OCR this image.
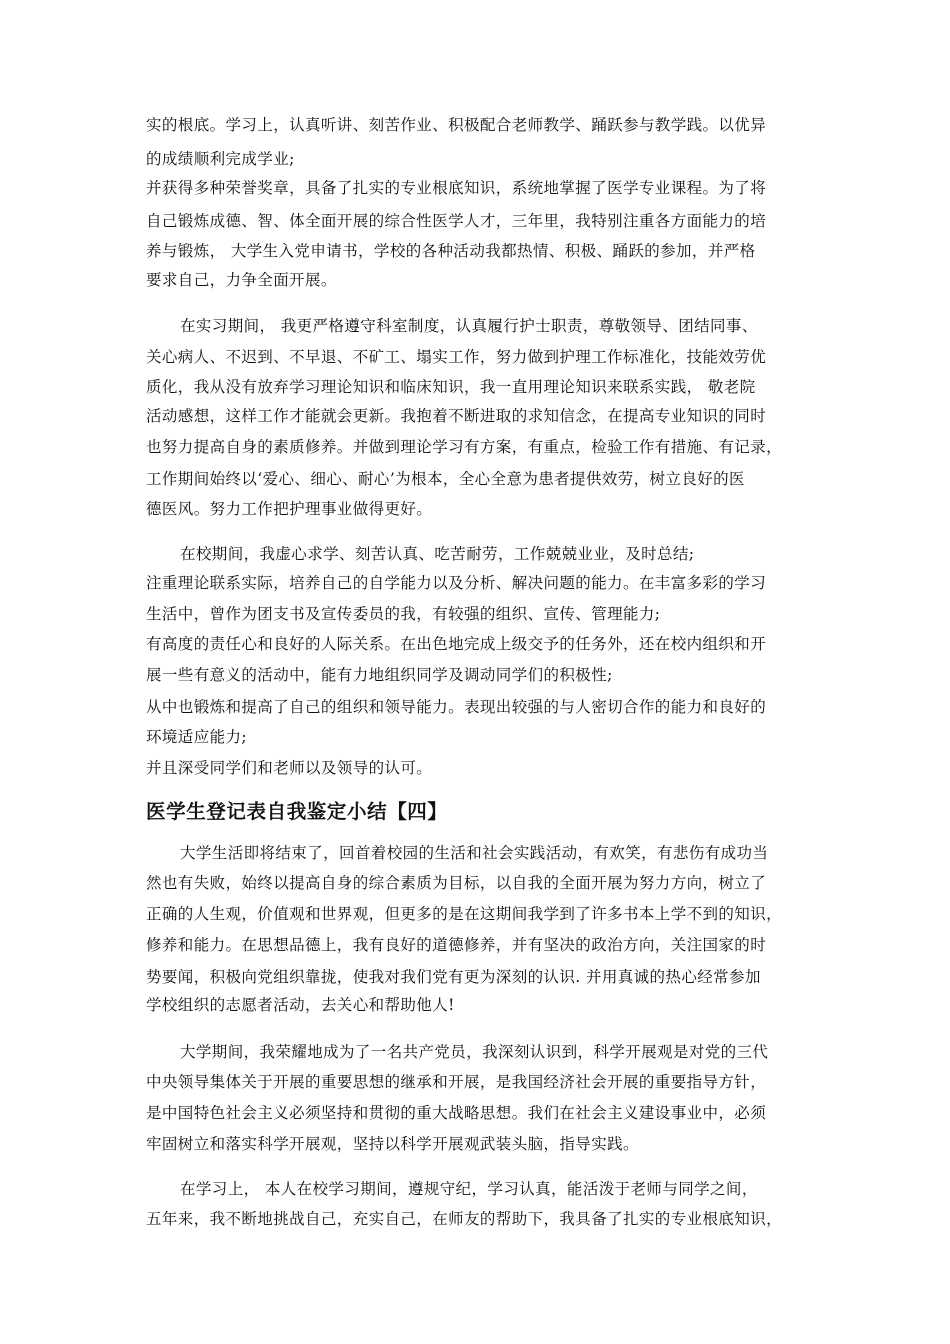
实的根底。学习上，认真听讲、刻苦作业、积极配合老师教学、踊跃参与教学践。以优异
的成绩顺利完成学业;
并获得多种荣誉奖章，具备了扎实的专业根底知识，系统地掌握了医学专业课程。为了将
自己锻炼成德、智、体全面开展的综合性医学人才，三年里，我特别注重各方面能力的培
养与锻炼， 大学生入党申请书，学校的各种活动我都热情、积极、踊跃的参加，并严格
要求自己，力争全面开展。
在实习期间， 我更严格遵守科室制度，认真履行护士职责，尊敬领导、团结同事、
关心病人、不迟到、不早退、不矿工、塌实工作，努力做到护理工作标准化，技能效劳优
质化，我从没有放弃学习理论知识和临床知识，我一直用理论知识来联系实践， 敬老院
活动感想，这样工作才能就会更新。我抱着不断进取的求知信念，在提高专业知识的同时
也努力提高自身的素质修养。并做到理论学习有方案，有重点，检验工作有措施、有记录，
工作期间始终以‘爱心、细心、耐心’为根本，全心全意为患者提供效劳，树立良好的医
德医风。努力工作把护理事业做得更好。
在校期间，我虚心求学、刻苦认真、吃苦耐劳，工作兢兢业业，及时总结;
注重理论联系实际，培养自己的自学能力以及分析、解决问题的能力。在丰富多彩的学习
生活中，曾作为团支书及宣传委员的我，有较强的组织、宣传、管理能力;
有高度的责任心和良好的人际关系。在出色地完成上级交予的任务外，还在校内组织和开
展一些有意义的活动中，能有力地组织同学及调动同学们的积极性;
从中也锻炼和提高了自己的组织和领导能力。表现出较强的与人密切合作的能力和良好的
环境适应能力;
并且深受同学们和老师以及领导的认可。
医学生登记表自我鉴定小结【四】
大学生活即将结束了，回首着校园的生活和社会实践活动，有欢笑，有悲伤有成功当
然也有失败，始终以提高自身的综合素质为目标，以自我的全面开展为努力方向，树立了
正确的人生观，价值观和世界观，但更多的是在这期间我学到了许多书本上学不到的知识，
修养和能力。在思想品德上，我有良好的道德修养，并有坚决的政治方向，关注国家的时
势要闻，积极向党组织靠拢，使我对我们党有更为深刻的认识. 并用真诚的热心经常参加
学校组织的志愿者活动，去关心和帮助他人!
大学期间，我荣耀地成为了一名共产党员，我深刻认识到，科学开展观是对党的三代
中央领导集体关于开展的重要思想的继承和开展，是我国经济社会开展的重要指导方针，
是中国特色社会主义必须坚持和贯彻的重大战略思想。我们在社会主义建设事业中，必须
牢固树立和落实科学开展观，坚持以科学开展观武装头脑，指导实践。
在学习上， 本人在校学习期间，遵规守纪，学习认真，能活泼于老师与同学之间，
五年来，我不断地挑战自己，充实自己，在师友的帮助下，我具备了扎实的专业根底知识，
